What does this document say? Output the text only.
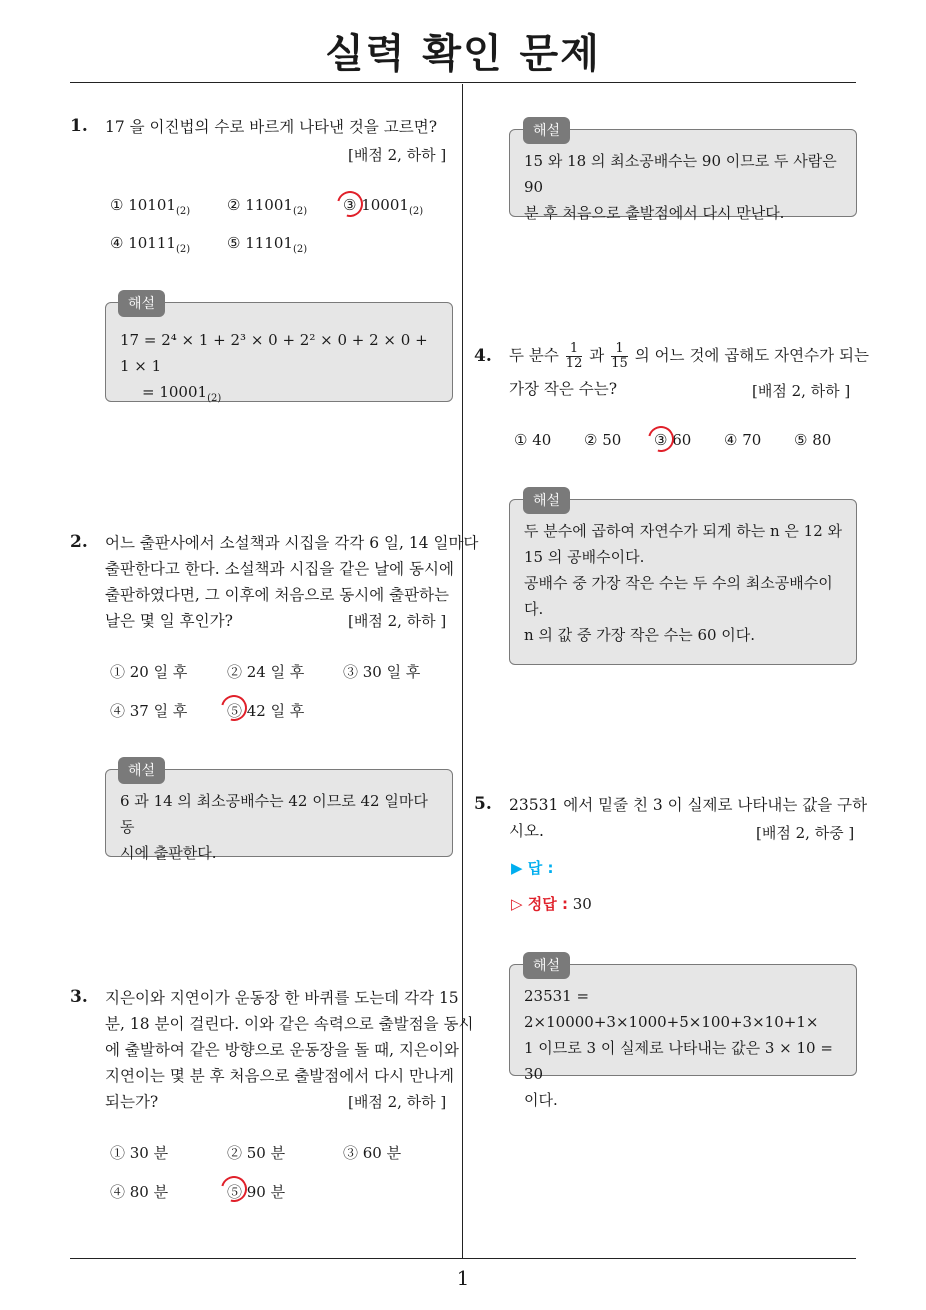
실력 확인 문제
1
1. 17 을 이진법의 수로 바르게 나타낸 것을 고르면?
[배점 2, 하하 ]
① $10101_{(2)}$ ② $11001_{(2)}$ ③ $10001_{(2)}$
④ $10111_{(2)}$ ⑤ $11101_{(2)}$
17 = 2⁴ × 1 + 2³ × 0 + 2² × 0 + 2 × 0 + 1 × 1
= $10001_{(2)}$
해설
2. 어느 출판사에서 소설책과 시집을 각각 6 일, 14 일마다
출판한다고 한다. 소설책과 시집을 같은 날에 동시에
출판하였다면, 그 이후에 처음으로 동시에 출판하는
날은 몇 일 후인가?	[배점 2, 하하 ]
① 20 일 후	② 24 일 후	③ 30 일 후
④ 37 일 후	⑤ 42 일 후
6 과 14 의 최소공배수는 42 이므로 42 일마다 동
시에 출판한다.
해설
3. 지은이와 지연이가 운동장 한 바퀴를 도는데 각각 15
분, 18 분이 걸린다. 이와 같은 속력으로 출발점을 동시
에 출발하여 같은 방향으로 운동장을 돌 때, 지은이와
지연이는 몇 분 후 처음으로 출발점에서 다시 만나게
되는가?	[배점 2, 하하 ]
① 30 분	② 50 분	③ 60 분
④ 80 분	⑤ 90 분
15 와 18 의 최소공배수는 90 이므로 두 사람은 90
분 후 처음으로 출발점에서 다시 만난다.
해설
4. 두 분수 $\frac{1}{12}$ 과 $\frac{1}{15}$ 의 어느 것에 곱해도 자연수가 되는
가장 작은 수는?	[배점 2, 하하 ]
① 40 ② 50 ③ 60 ④ 70 ⑤ 80
두 분수에 곱하여 자연수가 되게 하는 n 은 12 와
15 의 공배수이다.
공배수 중 가장 작은 수는 두 수의 최소공배수이
다.
n 의 값 중 가장 작은 수는 60 이다.
해설
5. 23531 에서 밑줄 친 3 이 실제로 나타내는 값을 구하
시오.	[배점 2, 하중 ]
▶ 답 :
▷ 정답 : 30
23531 = 2×10000+3×1000+5×100+3×10+1×
1 이므로 3 이 실제로 나타내는 값은 3 × 10 = 30
이다.
해설
